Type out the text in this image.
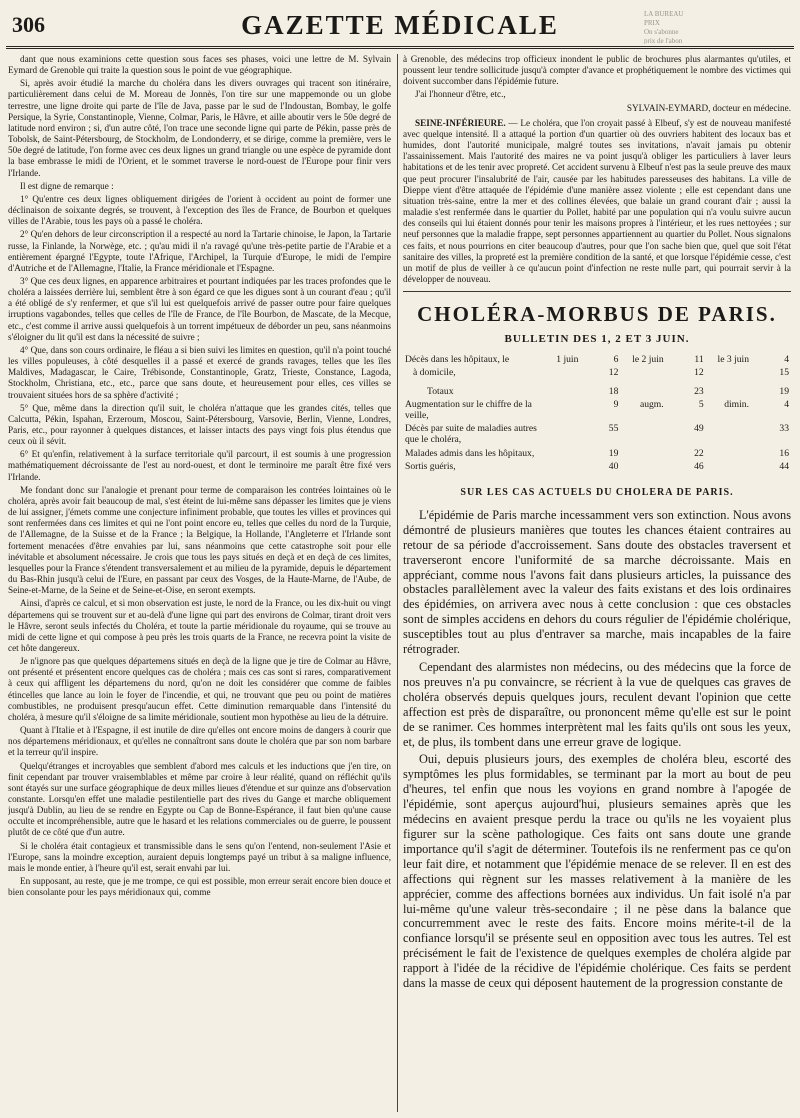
306	GAZETTE MÉDICALE	LA BUREAU
PRIX
On s'abonne
prix de l'abon

dant que nous examinions cette question sous faces ses phases, voici une lettre de M. Sylvain Eymard de Grenoble qui traite la question sous le point de vue géographique.

Si, après avoir étudié la marche du choléra dans les divers ouvrages qui tracent son itinéraire, particulièrement dans celui de M. Moreau de Jonnès, l'on tire sur une mappemonde ou un globe terrestre, une ligne droite qui parte de l'île de Java, passe par le sud de l'Indoustan, Bombay, le golfe Persique, la Syrie, Constantinople, Vienne, Colmar, Paris, le Hâvre, et aille aboutir vers le 50e degré de latitude nord environ ; si, d'un autre côté, l'on trace une seconde ligne qui parte de Pékin, passe près de Tobolsk, de Saint-Pétersbourg, de Stockholm, de Londonderry, et se dirige, comme la première, vers le 50e degré de latitude, l'on forme avec ces deux lignes un grand triangle ou une espèce de pyramide dont la base embrasse le midi de l'Orient, et le sommet traverse le nord-ouest de l'Europe pour finir vers l'Irlande.

Il est digne de remarque :

1° Qu'entre ces deux lignes obliquement dirigées de l'orient à occident au point de former une déclinaison de soixante degrés, se trouvent, à l'exception des îles de France, de Bourbon et quelques villes de l'Arabie, tous les pays où a passé le choléra.

2° Qu'en dehors de leur circonscription il a respecté au nord la Tartarie chinoise, le Japon, la Tartarie russe, la Finlande, la Norwège, etc. ; qu'au midi il n'a ravagé qu'une très-petite partie de l'Arabie et a entièrement épargné l'Egypte, toute l'Afrique, l'Archipel, la Turquie d'Europe, le midi de l'empire d'Autriche et de l'Allemagne, l'Italie, la France méridionale et l'Espagne.

3° Que ces deux lignes, en apparence arbitraires et pourtant indiquées par les traces profondes que le choléra a laissées derrière lui, semblent être à son égard ce que les digues sont à un courant d'eau ; qu'il a été obligé de s'y renfermer, et que s'il lui est quelquefois arrivé de passer outre pour faire quelques irruptions vagabondes, telles que celles de l'île de France, de l'île Bourbon, de Mascate, de la Mecque, etc., c'est comme il arrive aussi quelquefois à un torrent impétueux de déborder un peu, sans néanmoins s'éloigner du lit qu'il est dans la nécessité de suivre ;

4° Que, dans son cours ordinaire, le fléau a si bien suivi les limites en question, qu'il n'a point touché les villes populeuses, à côté desquelles il a passé et exercé de grands ravages, telles que les îles Maldives, Madagascar, le Caire, Trébisonde, Constantinople, Gratz, Trieste, Constance, Lagoda, Stockholm, Christiana, etc., etc., parce que sans doute, et heureusement pour elles, ces villes se trouvaient situées hors de sa sphère d'activité ;

5° Que, même dans la direction qu'il suit, le choléra n'attaque que les grandes cités, telles que Calcutta, Pékin, Ispahan, Erzeroum, Moscou, Saint-Pétersbourg, Varsovie, Berlin, Vienne, Londres, Paris, etc., pour rayonner à quelques distances, et laisser intacts des pays vingt fois plus étendus que ceux où il sévit.

6° Et qu'enfin, relativement à la surface territoriale qu'il parcourt, il est soumis à une progression mathématiquement décroissante de l'est au nord-ouest, et dont le terminoire me paraît être fixé vers l'Irlande.

Me fondant donc sur l'analogie et prenant pour terme de comparaison les contrées lointaines où le choléra, après avoir fait beaucoup de mal, s'est éteint de lui-même sans dépasser les limites que je viens de lui assigner, j'émets comme une conjecture infiniment probable, que toutes les villes et provinces qui sont renfermées dans ces limites et qui ne l'ont point encore eu, telles que celles du nord de la Turquie, de l'Allemagne, de la Suisse et de la France ; la Belgique, la Hollande, l'Angleterre et l'Irlande sont fortement menacées d'être envahies par lui, sans néanmoins que cette catastrophe soit pour elle inévitable et absolument nécessaire. Je crois que tous les pays situés en deçà et en deçà de ces limites, lesquelles pour la France s'étendent transversalement et au milieu de la pyramide, depuis le département du Bas-Rhin jusqu'à celui de l'Eure, en passant par ceux des Vosges, de la Haute-Marne, de l'Aube, de Seine-et-Marne, de la Seine et de Seine-et-Oise, en seront exempts.

Ainsi, d'après ce calcul, et si mon observation est juste, le nord de la France, ou les dix-huit ou vingt départemens qui se trouvent sur et au-delà d'une ligne qui part des environs de Colmar, tirant droit vers le Hâvre, seront seuls infectés du Choléra, et toute la partie méridionale du royaume, qui se trouve au midi de cette ligne et qui compose à peu près les trois quarts de la France, ne recevra point la visite de cet hôte dangereux.

Je n'ignore pas que quelques départemens situés en deçà de la ligne que je tire de Colmar au Hâvre, ont présenté et présentent encore quelques cas de choléra ; mais ces cas sont si rares, comparativement à ceux qui affligent les départemens du nord, qu'on ne doit les considérer que comme de faibles étincelles que lance au loin le foyer de l'incendie, et qui, ne trouvant que peu ou point de matières combustibles, ne produisent presqu'aucun effet. Cette diminution remarquable dans l'intensité du choléra, à mesure qu'il s'éloigne de sa limite méridionale, soutient mon hypothèse au lieu de la détruire.

Quant à l'Italie et à l'Espagne, il est inutile de dire qu'elles ont encore moins de dangers à courir que nos départemens méridionaux, et qu'elles ne connaîtront sans doute le choléra que par son nom barbare et la terreur qu'il inspire.

Quelqu'étranges et incroyables que semblent d'abord mes calculs et les inductions que j'en tire, on finit cependant par trouver vraisemblables et même par croire à leur réalité, quand on réfléchit qu'ils sont étayés sur une surface géographique de deux milles lieues d'étendue et sur quinze ans d'observation constante. Lorsqu'en effet une maladie pestilentielle part des rives du Gange et marche obliquement jusqu'à Dublin, au lieu de se rendre en Egypte ou Cap de Bonne-Espérance, il faut bien qu'une cause occulte et incompréhensible, autre que le hasard et les relations commerciales ou de guerre, le poussent plutôt de ce côté que d'un autre.

Si le choléra était contagieux et transmissible dans le sens qu'on l'entend, non-seulement l'Asie et l'Europe, sans la moindre exception, auraient depuis longtemps payé un tribut à sa maligne influence, mais le monde entier, à l'heure qu'il est, serait envahi par lui.

En supposant, au reste, que je me trompe, ce qui est possible, mon erreur serait encore bien douce et bien consolante pour les pays méridionaux qui, comme

à Grenoble, des médecins trop officieux inondent le public de brochures plus alarmantes qu'utiles, et poussent leur tendre sollicitude jusqu'à compter d'avance et prophétiquement le nombre des victimes qui doivent succomber dans l'épidémie future.

J'ai l'honneur d'être, etc.,

SYLVAIN-EYMARD, docteur en médecine.

SEINE-INFÉRIEURE. — Le choléra, que l'on croyait passé à Elbeuf, s'y est de nouveau manifesté avec quelque intensité. Il a attaqué la portion d'un quartier où des ouvriers habitent des locaux bas et humides, dont l'autorité municipale, malgré toutes ses invitations, n'avait jamais pu obtenir l'assainissement. Mais l'autorité des maires ne va point jusqu'à obliger les particuliers à laver leurs habitations et de les tenir avec propreté. Cet accident survenu à Elbeuf n'est pas la seule preuve des maux que peut procurer l'insalubrité de l'air, causée par les habitudes paresseuses des habitans. La ville de Dieppe vient d'être attaquée de l'épidémie d'une manière assez violente ; elle est cependant dans une situation très-saine, entre la mer et des collines élevées, que balaie un grand courant d'air ; aussi la maladie s'est renfermée dans le quartier du Pollet, habité par une population qui n'a voulu suivre aucun des conseils qui lui étaient donnés pour tenir les maisons propres à l'intérieur, et les rues nettoyées ; sur neuf personnes que la maladie frappe, sept personnes appartiennent au quartier du Pollet. Nous signalons ces faits, et nous pourrions en citer beaucoup d'autres, pour que l'on sache bien que, quel que soit l'état sanitaire des villes, la propreté est la première condition de la santé, et que lorsque l'épidémie cesse, c'est un motif de plus de veiller à ce qu'aucun point d'infection ne reste nulle part, qui pourrait servir à la développer de nouveau.

CHOLÉRA-MORBUS DE PARIS.
BULLETIN DES 1, 2 ET 3 JUIN.
Décès dans les hôpitaux, le	1 juin	6	le 2 juin	11	le 3 juin	4
à domicile,		12		12		15
Totaux		18		23		19
Augmentation sur le chiffre de la veille,		9	augm.	5	dimin.	4
Décès par suite de maladies autres que le choléra,		55		49		33
Malades admis dans les hôpitaux,		19		22		16
Sortis guéris,		40		46		44
SUR LES CAS ACTUELS DU CHOLERA DE PARIS.

L'épidémie de Paris marche incessamment vers son extinction. Nous avons démontré de plusieurs manières que toutes les chances étaient contraires au retour de sa période d'accroissement. Sans doute des obstacles traversent et traverseront encore l'uniformité de sa marche décroissante. Mais en appréciant, comme nous l'avons fait dans plusieurs articles, la puissance des obstacles parallèlement avec la valeur des faits existans et des lois ordinaires des épidémies, on arrivera avec nous à cette conclusion : que ces obstacles sont de simples accidens en dehors du cours régulier de l'épidémie cholérique, susceptibles tout au plus d'entraver sa marche, mais incapables de la faire rétrograder.

Cependant des alarmistes non médecins, ou des médecins que la force de nos preuves n'a pu convaincre, se récrient à la vue de quelques cas graves de choléra observés depuis quelques jours, reculent devant l'opinion que cette affection est près de disparaître, ou prononcent même qu'elle est sur le point de se ranimer. Ces hommes interprètent mal les faits qu'ils ont sous les yeux, et, de plus, ils tombent dans une erreur grave de logique.

Oui, depuis plusieurs jours, des exemples de choléra bleu, escorté des symptômes les plus formidables, se terminant par la mort au bout de peu d'heures, tel enfin que nous les voyions en grand nombre à l'apogée de l'épidémie, sont aperçus aujourd'hui, plusieurs semaines après que les médecins en avaient presque perdu la trace ou qu'ils ne les voyaient plus figurer sur la scène pathologique. Ces faits ont sans doute une grande importance qu'il s'agit de déterminer. Toutefois ils ne renferment pas ce qu'on leur fait dire, et notamment que l'épidémie menace de se relever. Il en est des affections qui règnent sur les masses relativement à la manière de les apprécier, comme des affections bornées aux individus. Un fait isolé n'a par lui-même qu'une valeur très-secondaire ; il ne pèse dans la balance que concurremment avec le reste des faits. Encore moins mérite-t-il de la confiance lorsqu'il se présente seul en opposition avec tous les autres. Tel est précisément le fait de l'existence de quelques exemples de choléra algide par rapport à l'idée de la récidive de l'épidémie cholérique. Ces faits se perdent dans la masse de ceux qui déposent hautement de la progression constante de
